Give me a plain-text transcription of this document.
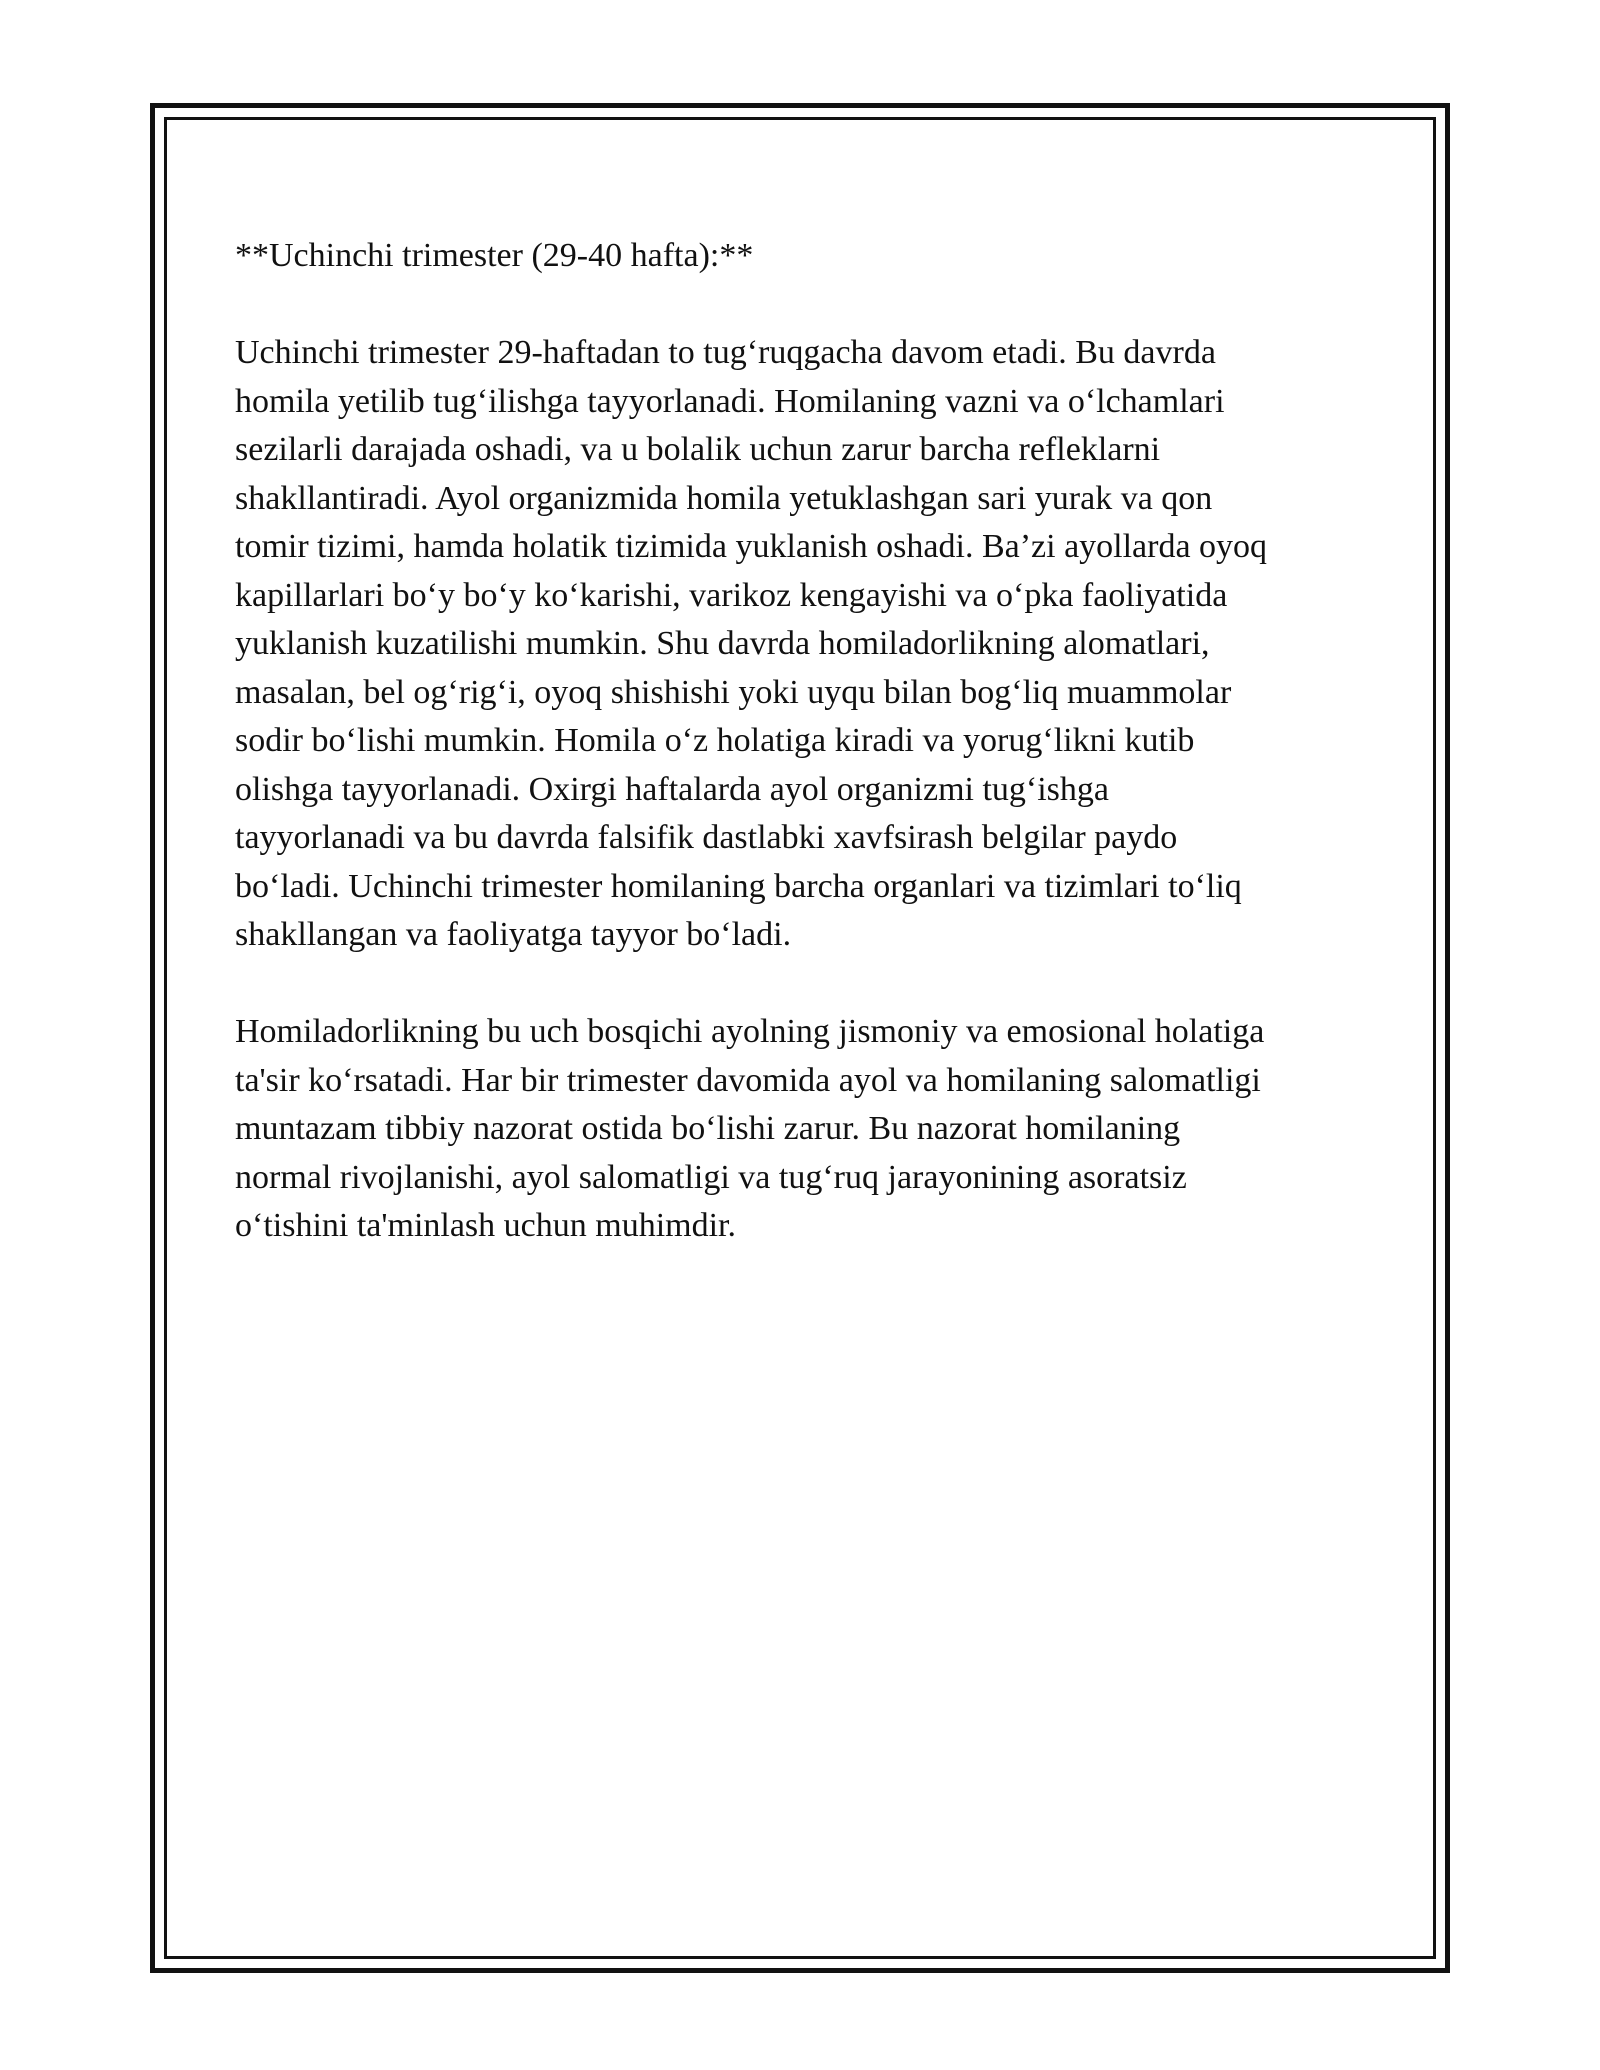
**Uchinchi trimester (29-40 hafta):**
Uchinchi trimester 29-haftadan to tug‘ruqgacha davom etadi. Bu davrda
homila yetilib tug‘ilishga tayyorlanadi. Homilaning vazni va o‘lchamlari
sezilarli darajada oshadi, va u bolalik uchun zarur barcha reflеklarni
shakllantiradi. Ayol organizmida homila yetuklashgan sari yurak va qon
tomir tizimi, hamda holatik tizimida yuklanish oshadi. Ba’zi ayollarda oyoq
kapillarlari bo‘y bo‘y ko‘karishi, varikoz kengayishi va o‘pka faoliyatida
yuklanish kuzatilishi mumkin. Shu davrda homiladorlikning alomatlari,
masalan, bel og‘rig‘i, oyoq shishishi yoki uyqu bilan bog‘liq muammolar
sodir bo‘lishi mumkin. Homila o‘z holatiga kiradi va yorug‘likni kutib
olishga tayyorlanadi. Oxirgi haftalarda ayol organizmi tug‘ishga
tayyorlanadi va bu davrda falsifik dastlabki xavfsirash belgilar paydo
bo‘ladi. Uchinchi trimester homilaning barcha organlari va tizimlari to‘liq
shakllangan va faoliyatga tayyor bo‘ladi.
Homiladorlikning bu uch bosqichi ayolning jismoniy va emosional holatiga
ta'sir ko‘rsatadi. Har bir trimester davomida ayol va homilaning salomatligi
muntazam tibbiy nazorat ostida bo‘lishi zarur. Bu nazorat homilaning
normal rivojlanishi, ayol salomatligi va tug‘ruq jarayonining asoratsiz
o‘tishini ta'minlash uchun muhimdir.
